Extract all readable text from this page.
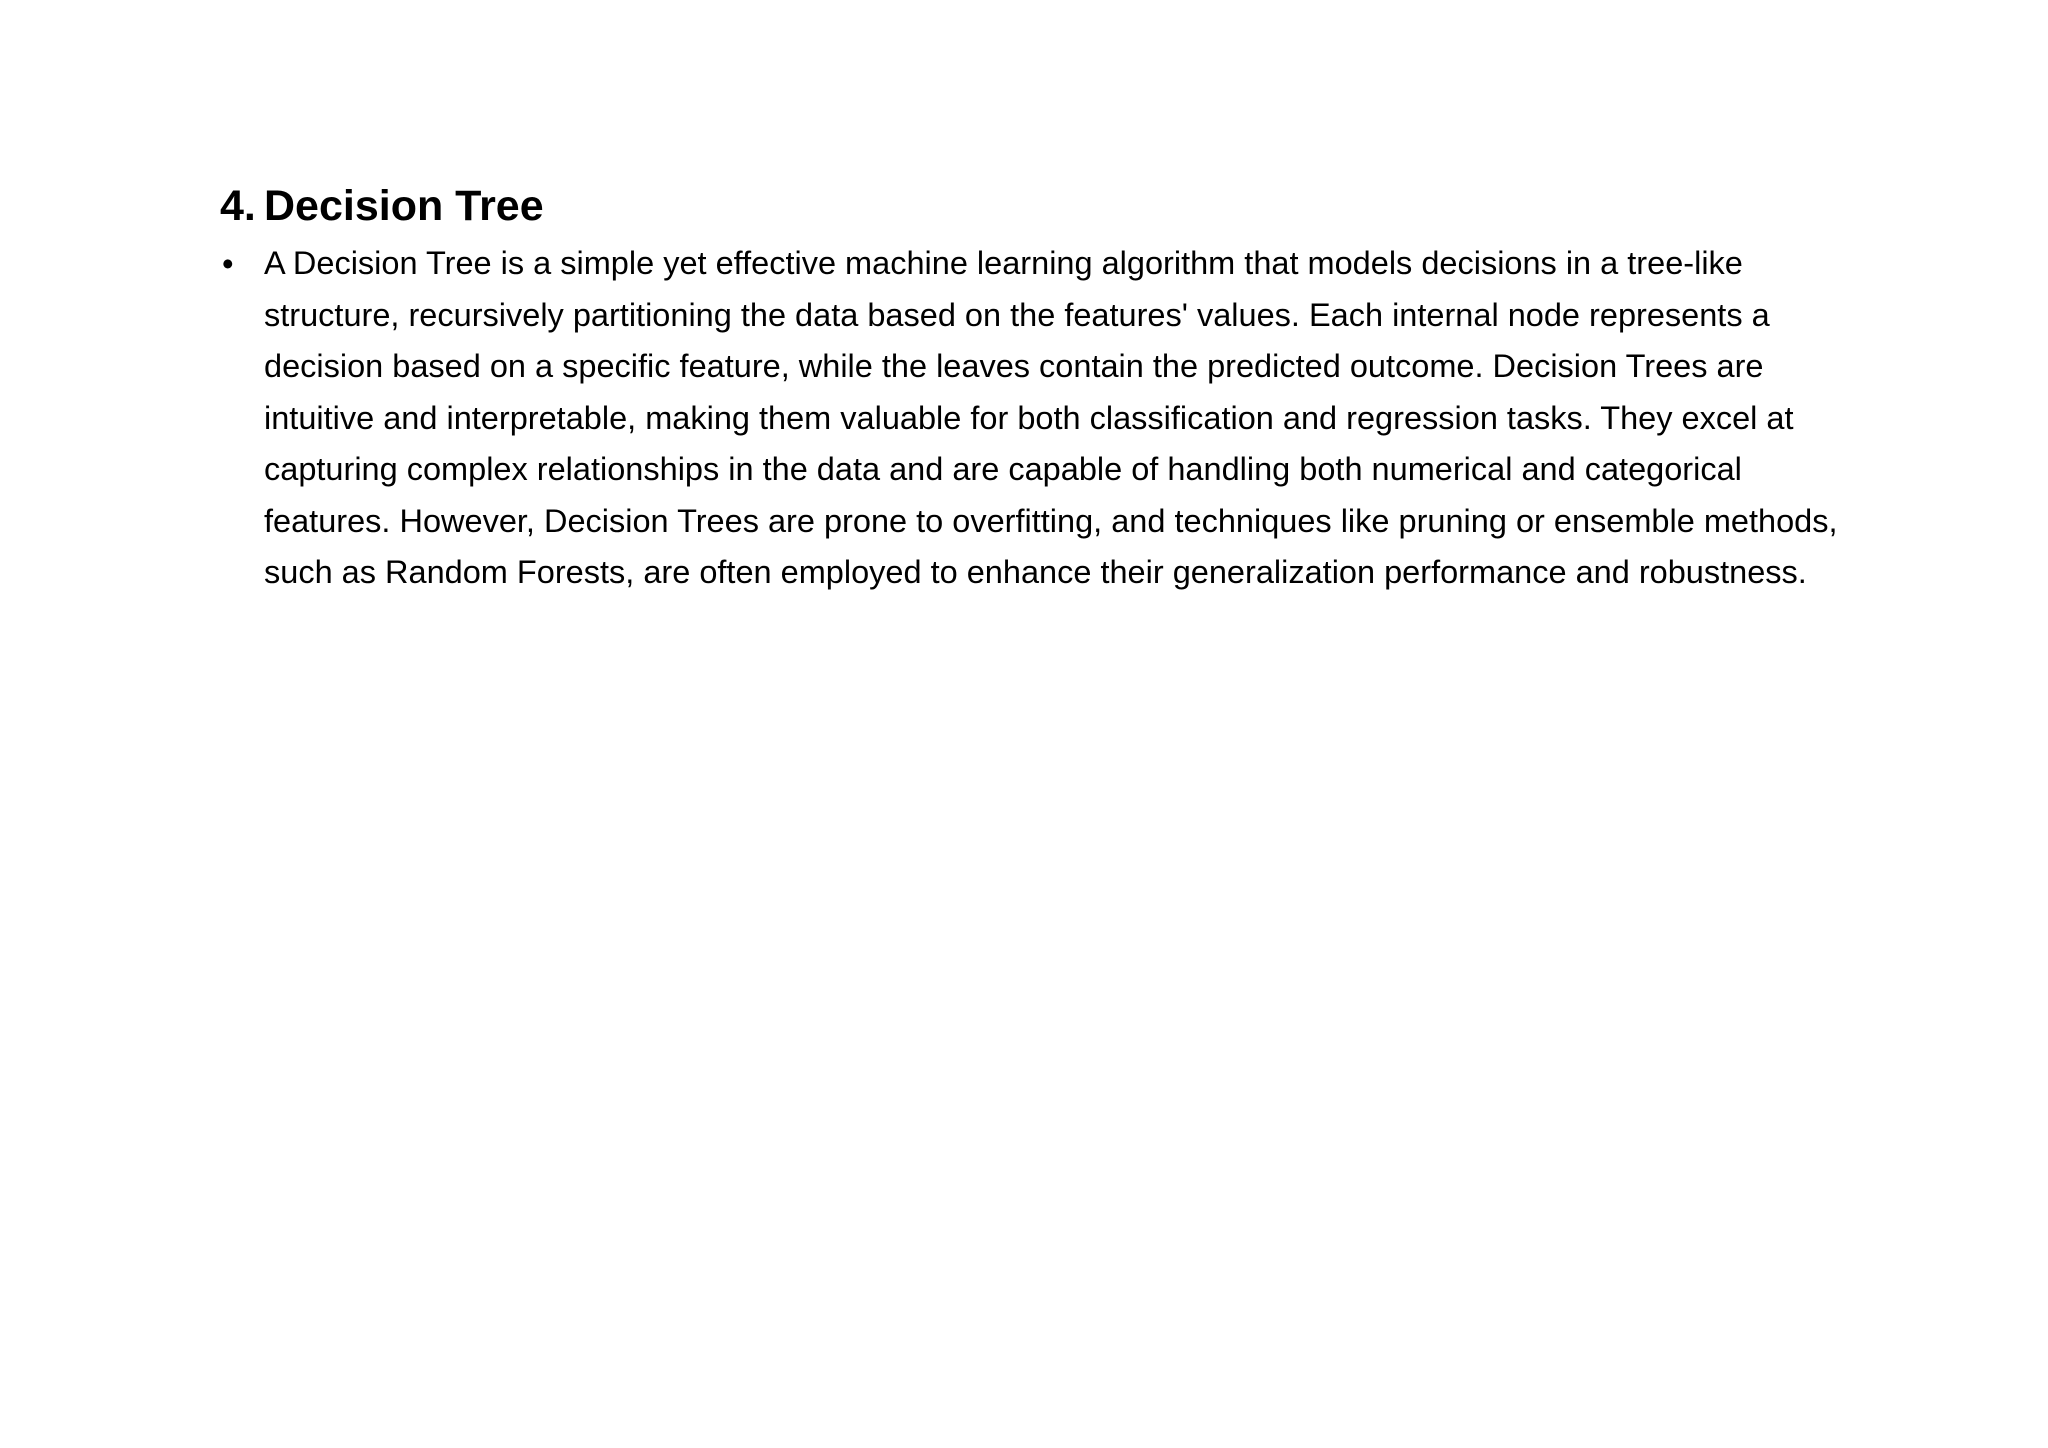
4. Decision Tree
• A Decision Tree is a simple yet effective machine learning algorithm that models decisions in a tree-like structure, recursively partitioning the data based on the features' values. Each internal node represents a decision based on a specific feature, while the leaves contain the predicted outcome. Decision Trees are intuitive and interpretable, making them valuable for both classification and regression tasks. They excel at capturing complex relationships in the data and are capable of handling both numerical and categorical features. However, Decision Trees are prone to overfitting, and techniques like pruning or ensemble methods, such as Random Forests, are often employed to enhance their generalization performance and robustness.
